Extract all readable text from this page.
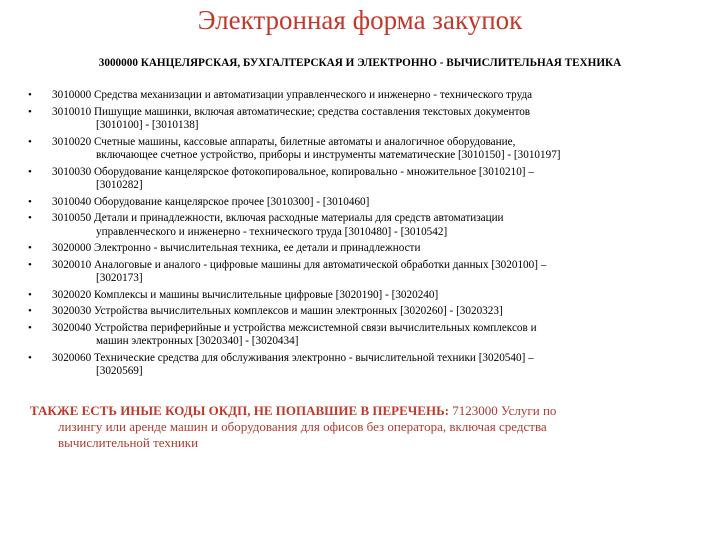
Электронная форма закупок
3000000 КАНЦЕЛЯРСКАЯ, БУХГАЛТЕРСКАЯ И ЭЛЕКТРОННО - ВЫЧИСЛИТЕЛЬНАЯ ТЕХНИКА
• 3010000 Средства механизации и автоматизации управленческого и инженерно - технического труда
• 3010010 Пишущие машинки, включая автоматические; средства составления текстовых документов
[3010100] - [3010138]
• 3010020 Счетные машины, кассовые аппараты, билетные автоматы и аналогичное оборудование,
включающее счетное устройство, приборы и инструменты математические [3010150] - [3010197]
• 3010030 Оборудование канцелярское фотокопировальное, копировально - множительное [3010210] –
[3010282]
• 3010040 Оборудование канцелярское прочее [3010300] - [3010460]
• 3010050 Детали и принадлежности, включая расходные материалы для средств автоматизации
управленческого и инженерно - технического труда [3010480] - [3010542]
• 3020000 Электронно - вычислительная техника, ее детали и принадлежности
• 3020010 Аналоговые и аналого - цифровые машины для автоматической обработки данных [3020100] –
[3020173]
• 3020020 Комплексы и машины вычислительные цифровые [3020190] - [3020240]
• 3020030 Устройства вычислительных комплексов и машин электронных [3020260] - [3020323]
• 3020040 Устройства периферийные и устройства межсистемной связи вычислительных комплексов и
машин электронных [3020340] - [3020434]
• 3020060 Технические средства для обслуживания электронно - вычислительной техники [3020540] –
[3020569]
ТАКЖЕ ЕСТЬ ИНЫЕ КОДЫ ОКДП, НЕ ПОПАВШИЕ В ПЕРЕЧЕНЬ: 7123000 Услуги по
лизингу или аренде машин и оборудования для офисов без оператора, включая средства
вычислительной техники
